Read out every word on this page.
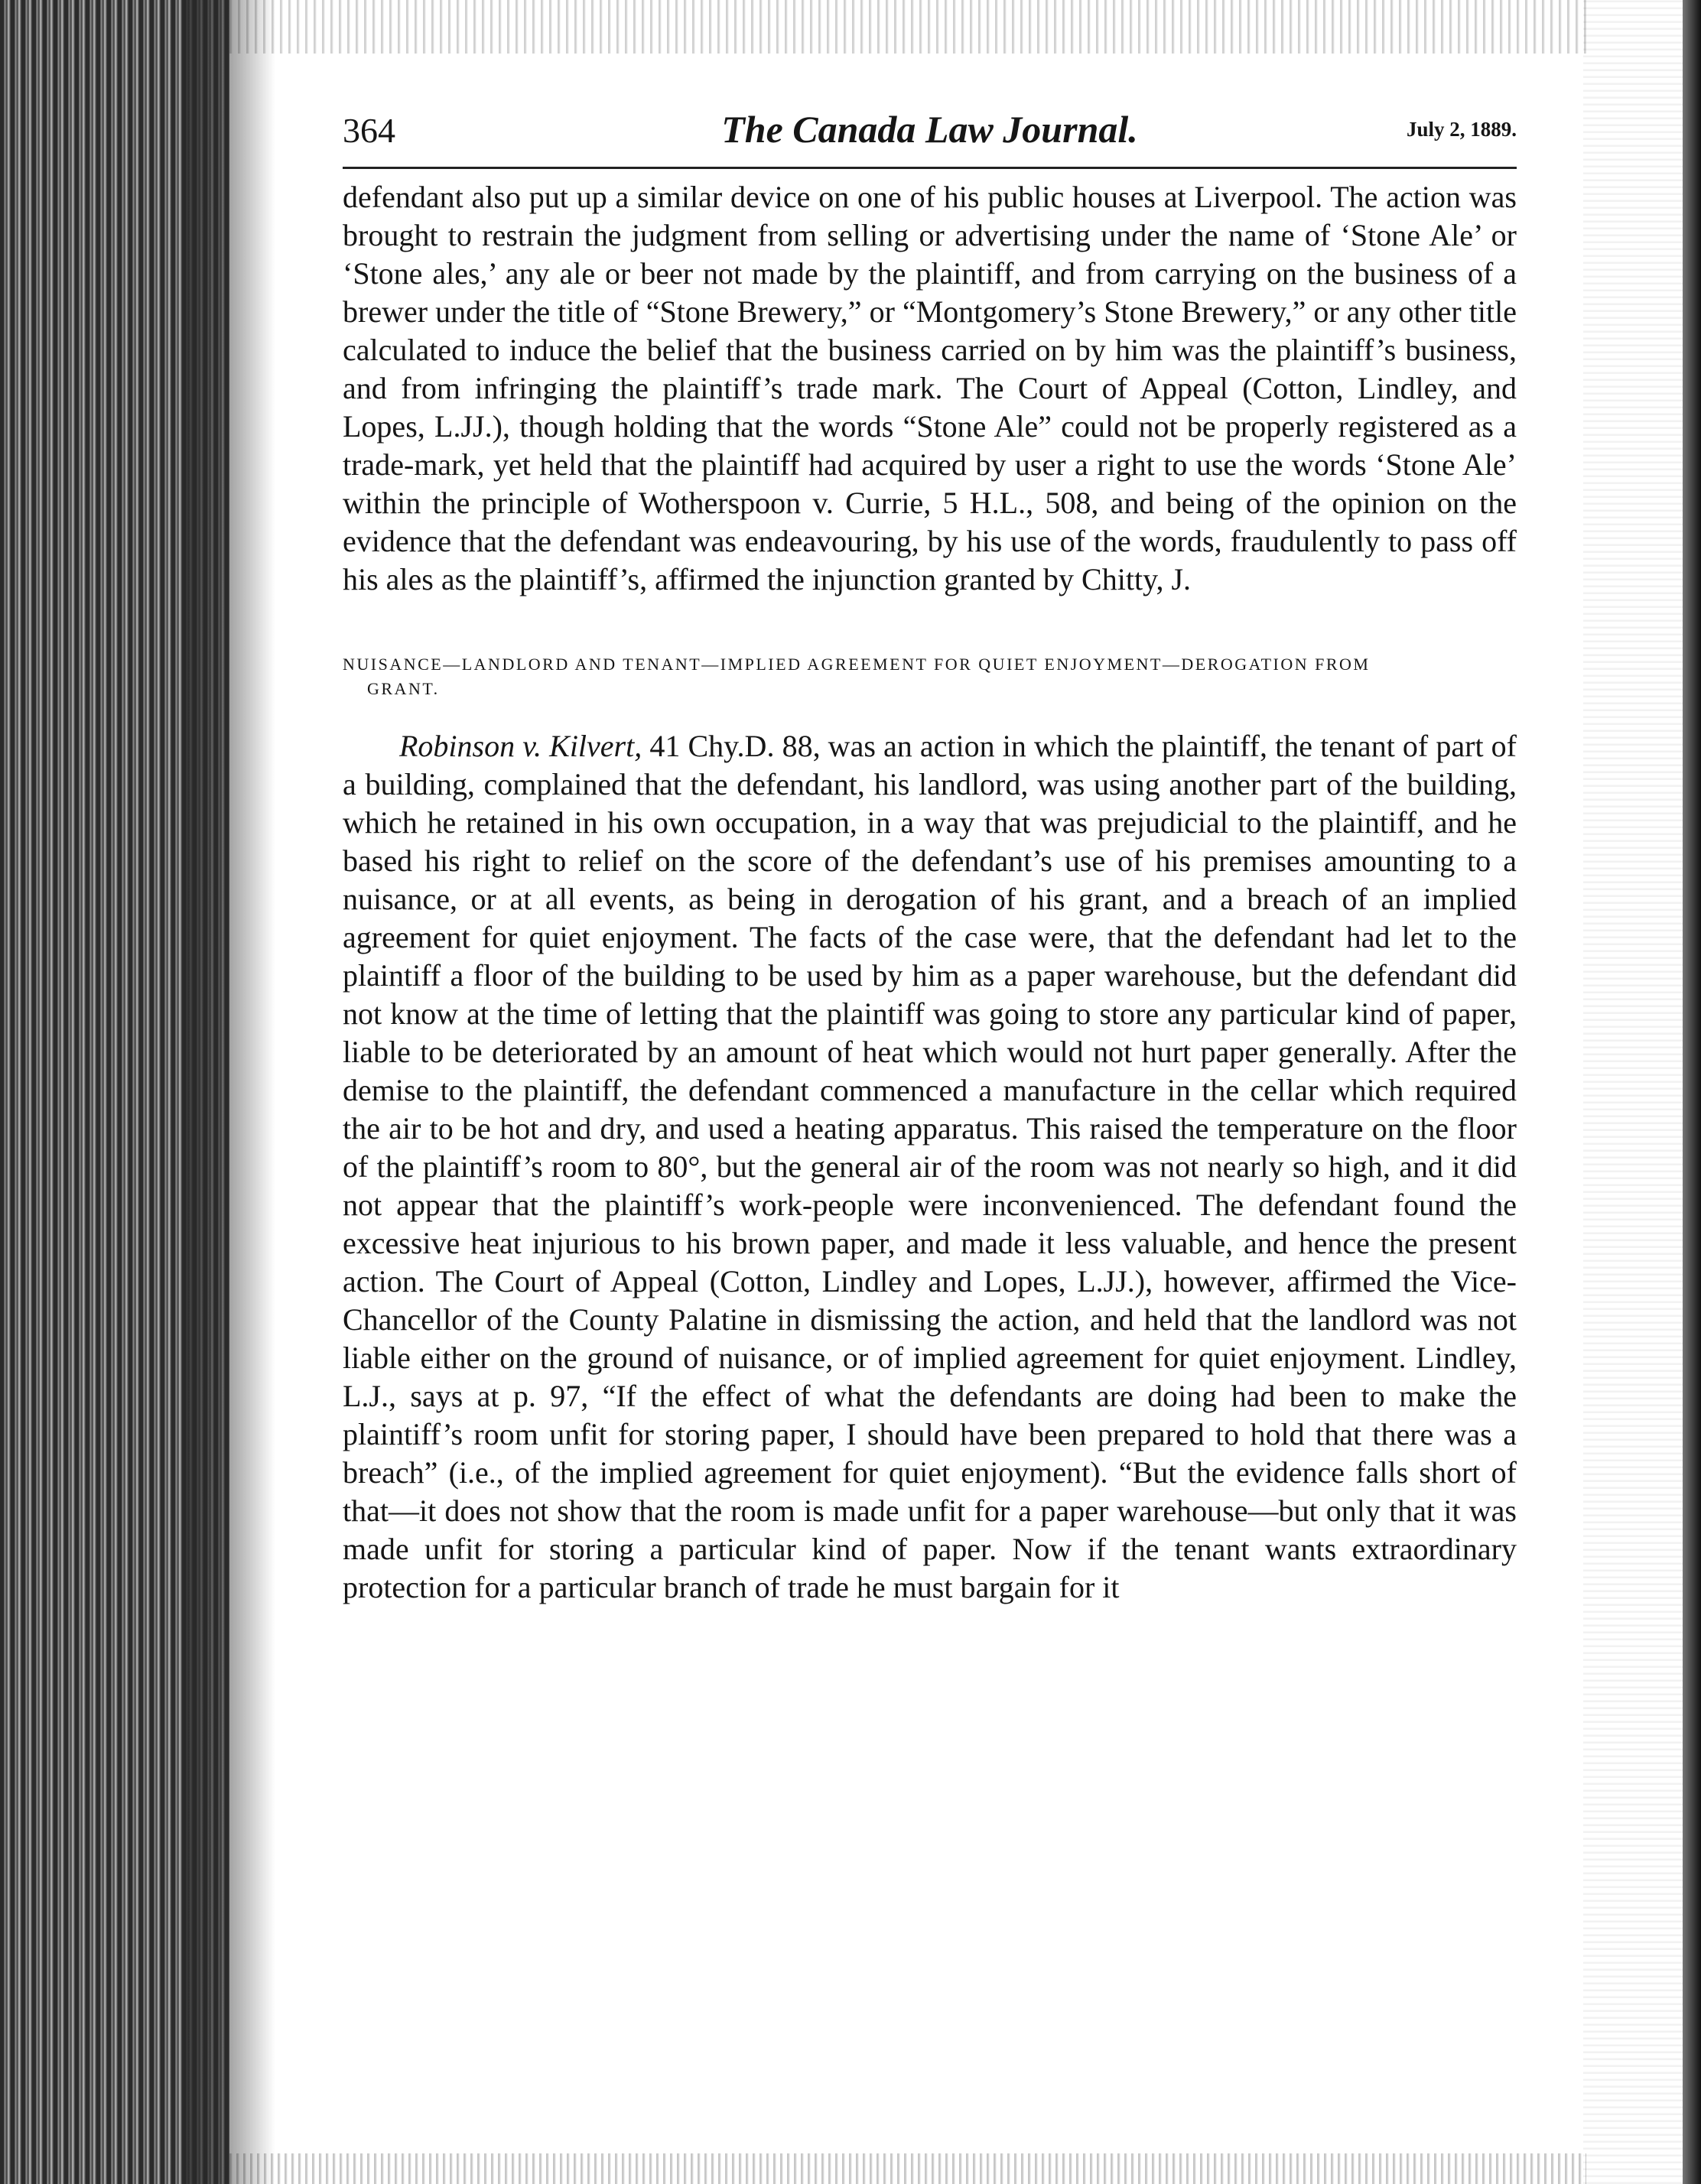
364	The Canada Law Journal.	July 2, 1889.

defendant also put up a similar device on one of his public houses at Liverpool. The action was brought to restrain the judgment from selling or advertising under the name of ‘Stone Ale’ or ‘Stone ales,’ any ale or beer not made by the plaintiff, and from carrying on the business of a brewer under the title of “Stone Brewery,” or “Montgomery’s Stone Brewery,” or any other title calculated to induce the belief that the business carried on by him was the plaintiff’s business, and from infringing the plaintiff’s trade mark. The Court of Appeal (Cotton, Lindley, and Lopes, L.JJ.), though holding that the words “Stone Ale” could not be properly registered as a trade-mark, yet held that the plaintiff had acquired by user a right to use the words ‘Stone Ale’ within the principle of Wotherspoon v. Currie, 5 H.L., 508, and being of the opinion on the evidence that the defendant was endeavouring, by his use of the words, fraudulently to pass off his ales as the plaintiff’s, affirmed the injunction granted by Chitty, J.

NUISANCE—LANDLORD AND TENANT—IMPLIED AGREEMENT FOR QUIET ENJOYMENT—DEROGATION FROM
GRANT.

Robinson v. Kilvert, 41 Chy.D. 88, was an action in which the plaintiff, the tenant of part of a building, complained that the defendant, his landlord, was using another part of the building, which he retained in his own occupation, in a way that was prejudicial to the plaintiff, and he based his right to relief on the score of the defendant’s use of his premises amounting to a nuisance, or at all events, as being in derogation of his grant, and a breach of an implied agreement for quiet enjoyment. The facts of the case were, that the defendant had let to the plaintiff a floor of the building to be used by him as a paper warehouse, but the defendant did not know at the time of letting that the plaintiff was going to store any particular kind of paper, liable to be deteriorated by an amount of heat which would not hurt paper generally. After the demise to the plaintiff, the defendant commenced a manufacture in the cellar which required the air to be hot and dry, and used a heating apparatus. This raised the temperature on the floor of the plaintiff’s room to 80°, but the general air of the room was not nearly so high, and it did not appear that the plaintiff’s work-people were inconvenienced. The defendant found the excessive heat injurious to his brown paper, and made it less valuable, and hence the present action. The Court of Appeal (Cotton, Lindley and Lopes, L.JJ.), however, affirmed the Vice-Chancellor of the County Palatine in dismissing the action, and held that the landlord was not liable either on the ground of nuisance, or of implied agreement for quiet enjoyment. Lindley, L.J., says at p. 97, “If the effect of what the defendants are doing had been to make the plaintiff’s room unfit for storing paper, I should have been prepared to hold that there was a breach” (i.e., of the implied agreement for quiet enjoyment). “But the evidence falls short of that—it does not show that the room is made unfit for a paper warehouse—but only that it was made unfit for storing a particular kind of paper. Now if the tenant wants extraordinary protection for a particular branch of trade he must bargain for it
